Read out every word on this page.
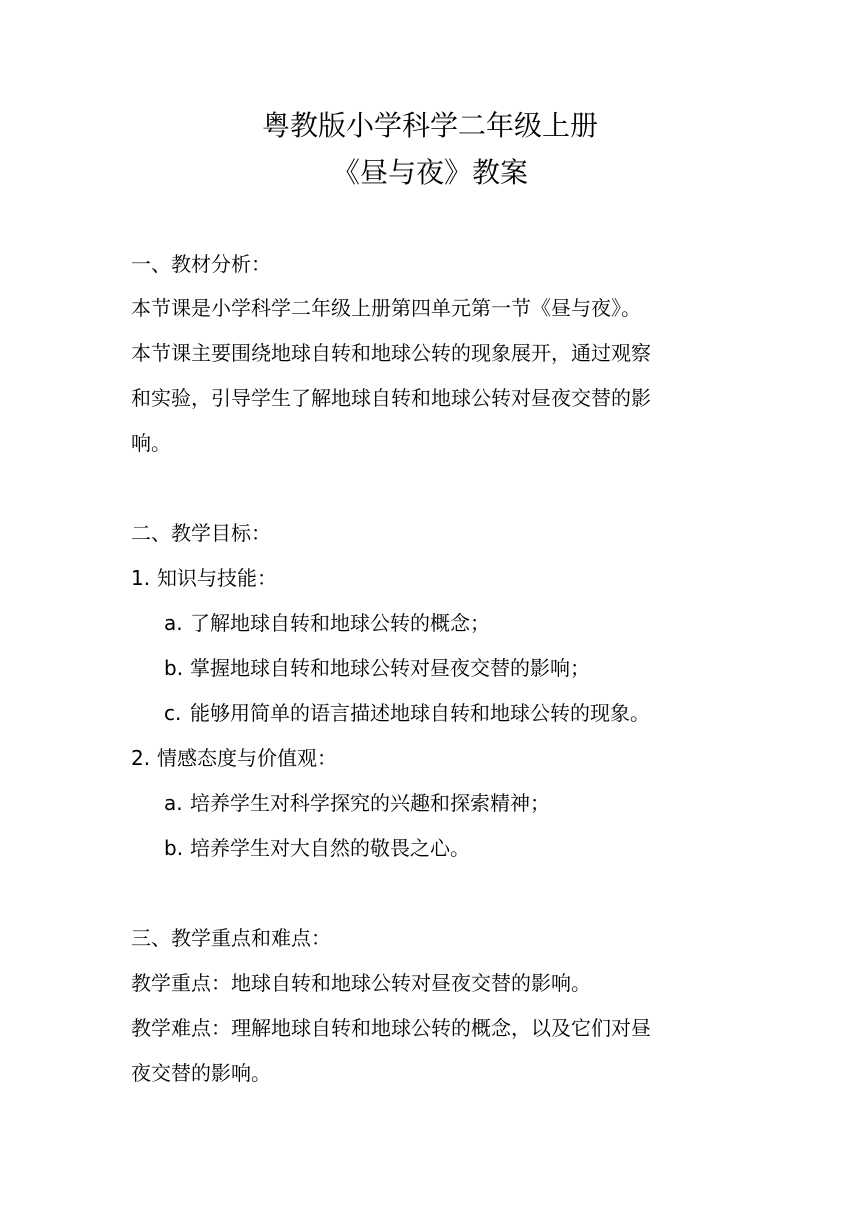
粤教版小学科学二年级上册
《昼与夜》教案
一、教材分析：
本节课是小学科学二年级上册第四单元第一节《昼与夜》。
本节课主要围绕地球自转和地球公转的现象展开，通过观察
和实验，引导学生了解地球自转和地球公转对昼夜交替的影
响。
二、教学目标：
1. 知识与技能：
a. 了解地球自转和地球公转的概念；
b. 掌握地球自转和地球公转对昼夜交替的影响；
c. 能够用简单的语言描述地球自转和地球公转的现象。
2. 情感态度与价值观：
a. 培养学生对科学探究的兴趣和探索精神；
b. 培养学生对大自然的敬畏之心。
三、教学重点和难点：
教学重点：地球自转和地球公转对昼夜交替的影响。
教学难点：理解地球自转和地球公转的概念，以及它们对昼
夜交替的影响。
